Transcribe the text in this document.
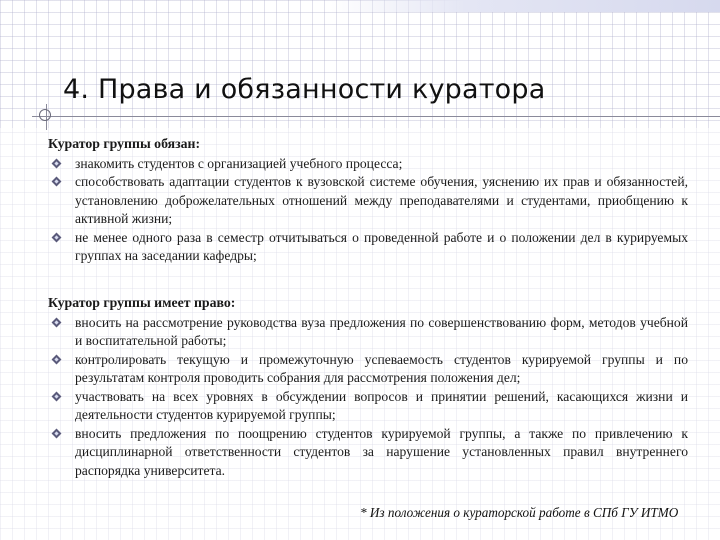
4. Права и обязанности куратора
Куратор группы обязан:
знакомить студентов с организацией учебного процесса;
способствовать адаптации студентов к вузовской системе обучения, уяснению их прав и обязанностей, установлению доброжелательных отношений между преподавателями и студентами, приобщению к активной жизни;
не менее одного раза в семестр отчитываться о проведенной работе и о положении дел в курируемых группах на заседании кафедры;
Куратор группы имеет право:
вносить на рассмотрение руководства вуза предложения по совершенствованию форм, методов учебной и воспитательной работы;
контролировать текущую и промежуточную успеваемость студентов курируемой группы и по результатам контроля проводить собрания для рассмотрения положения дел;
участвовать на всех уровнях в обсуждении вопросов и принятии решений, касающихся жизни и деятельности студентов курируемой группы;
вносить предложения по поощрению студентов курируемой группы, а также по привлечению к дисциплинарной ответственности студентов за нарушение установленных правил внутреннего распорядка университета.
* Из положения о кураторской работе в СПб ГУ ИТМО
